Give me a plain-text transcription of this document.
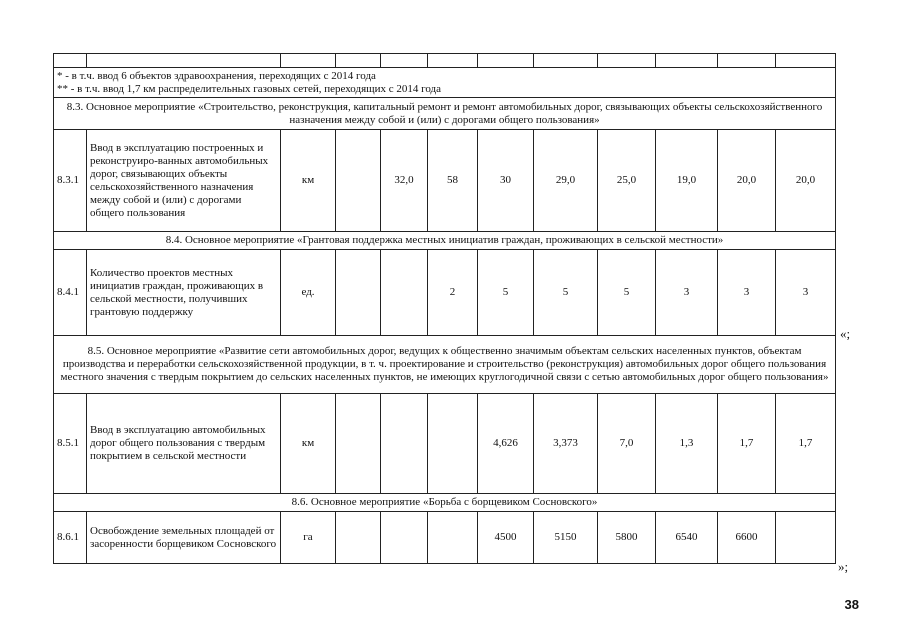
* - в т.ч. ввод 6 объектов здравоохранения, переходящих с 2014 года
** - в т.ч. ввод 1,7 км распределительных газовых сетей, переходящих с 2014 года											

8.3. Основное мероприятие «Строительство, реконструкция, капитальный ремонт и ремонт автомобильных дорог, связывающих объекты сельскохозяйственного назначения между собой и (или) с дорогами общего пользования»											
8.3.1	Ввод в эксплуатацию построенных и реконструиро-ванных автомобильных дорог, связывающих объекты сельскохозяйственного назначения между собой и (или) с дорогами общего пользования	км		32,0	58	30	29,0	25,0	19,0	20,0	20,0
8.4. Основное мероприятие «Грантовая поддержка местных инициатив граждан, проживающих в сельской местности»											
8.4.1	Количество проектов местных инициатив граждан, проживающих в сельской местности, получивших грантовую поддержку	ед.			2	5	5	5	3	3	3
8.5. Основное мероприятие «Развитие сети автомобильных дорог, ведущих к общественно значимым объектам сельских населенных пунктов, объектам производства и переработки сельскохозяйственной продукции, в т. ч. проектирование и строительство (реконструкция) автомобильных дорог общего пользования местного значения с твердым покрытием до сельских населенных пунктов, не имеющих круглогодичной связи с сетью автомобильных дорог общего пользования»											
8.5.1	Ввод в эксплуатацию автомобильных дорог общего пользования с твердым покрытием в сельской местности	км				4,626	3,373	7,0	1,3	1,7	1,7
8.6. Основное мероприятие «Борьба с борщевиком Сосновского»											
8.6.1	Освобождение земельных площадей от засоренности борщевиком Сосновского	га				4500	5150	5800	6540	6600	
«;
»;
38
